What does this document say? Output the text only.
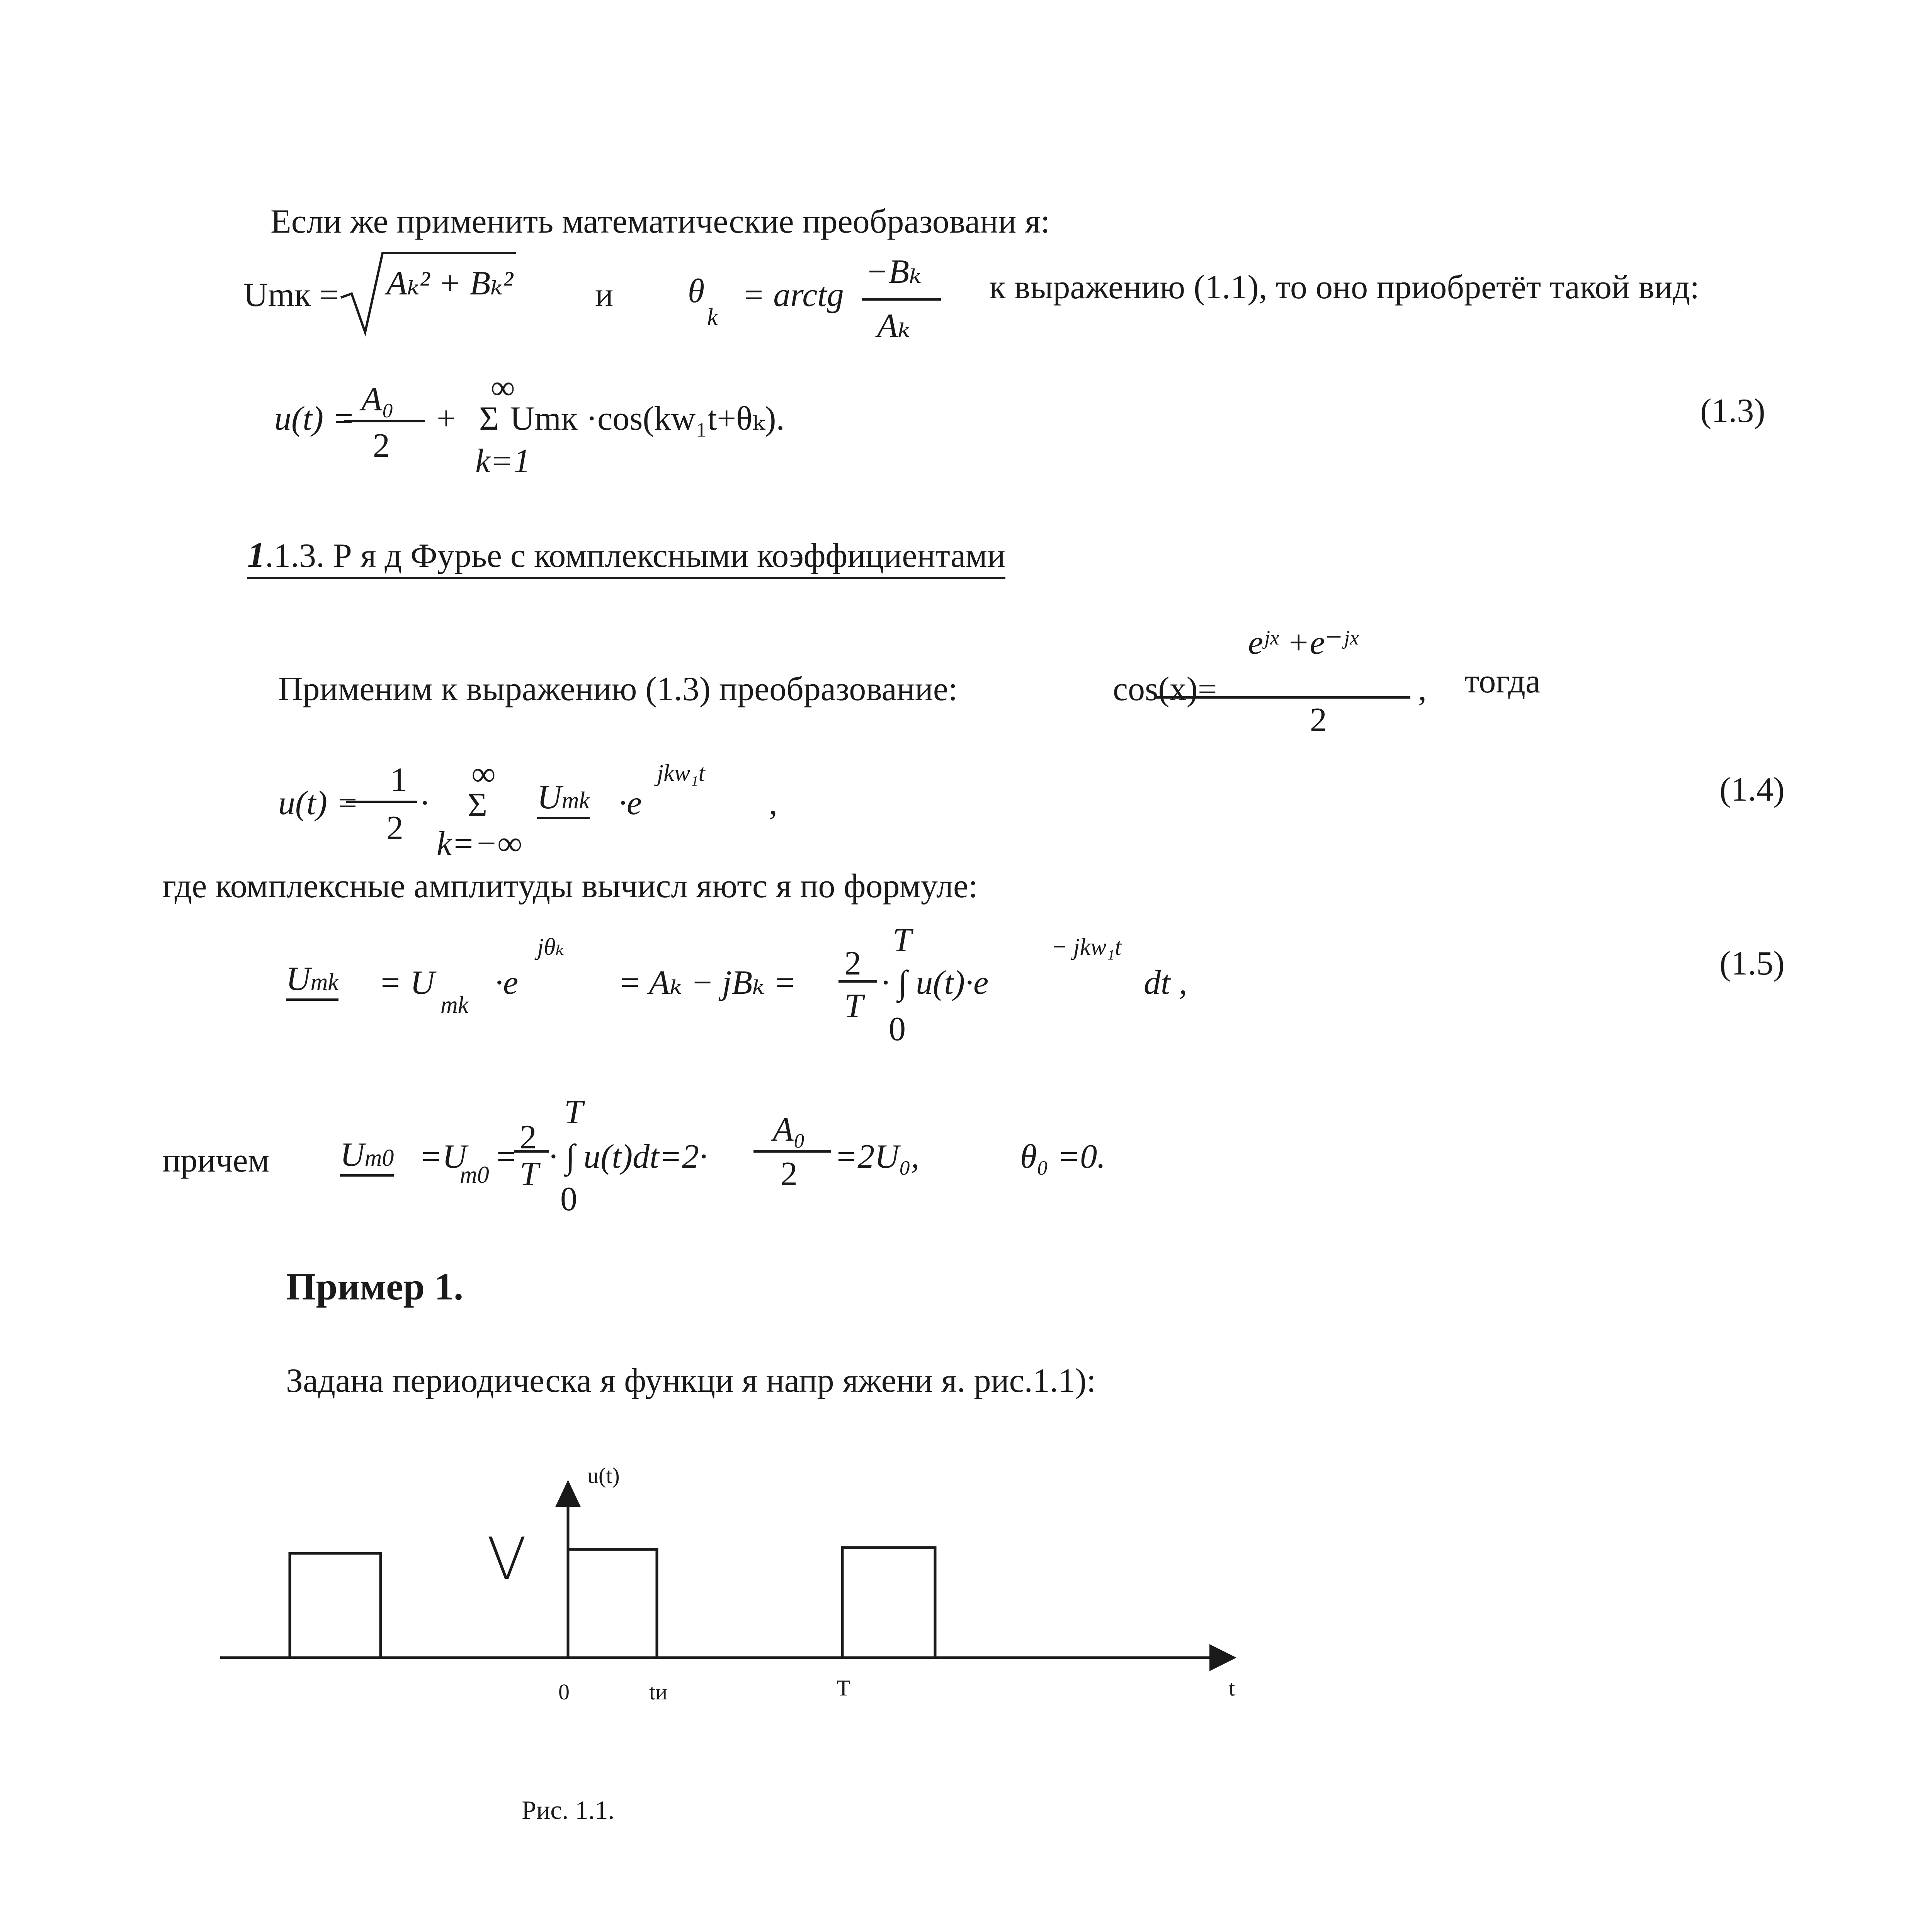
Если же применить математические преобразовани я:
Umк = Aₖ² + Bₖ² и θ
k
= arctg
−Bₖ
Aₖ
к выражению (1.1), то оно приобретёт такой вид:
u(t) =
A₀
2
+
∞
Σ
k=1
Umк ·cos(kw₁t+θₖ).	(1.3)
1.1.3. Р я д Фурье с комплексными коэффициентами
Применим к выражению (1.3) преобразование:	cos(x)=
eʲˣ +e⁻ʲˣ
2
, тогда
u(t) =
1
2
·
∞
Σ
k=−∞
Umk ·e
jkw₁t
,	(1.4)
где комплексные амплитуды вычисл яютс я по формуле:
Umk = U
mk
·e
jθₖ
= Aₖ − jBₖ =
2
T
T
· ∫ u(t)·e
− jkw₁t
dt ,
0
(1.5)
причем Um0 =U
m0 =
2
T
T
· ∫ u(t)dt=2·
0
A₀
2 =2U₀,	θ₀ =0.
Пример 1.
Задана периодическа я функци я напр яжени я. рис.1.1):
u(t)
V
t
0	tи	T
Рис. 1.1.
